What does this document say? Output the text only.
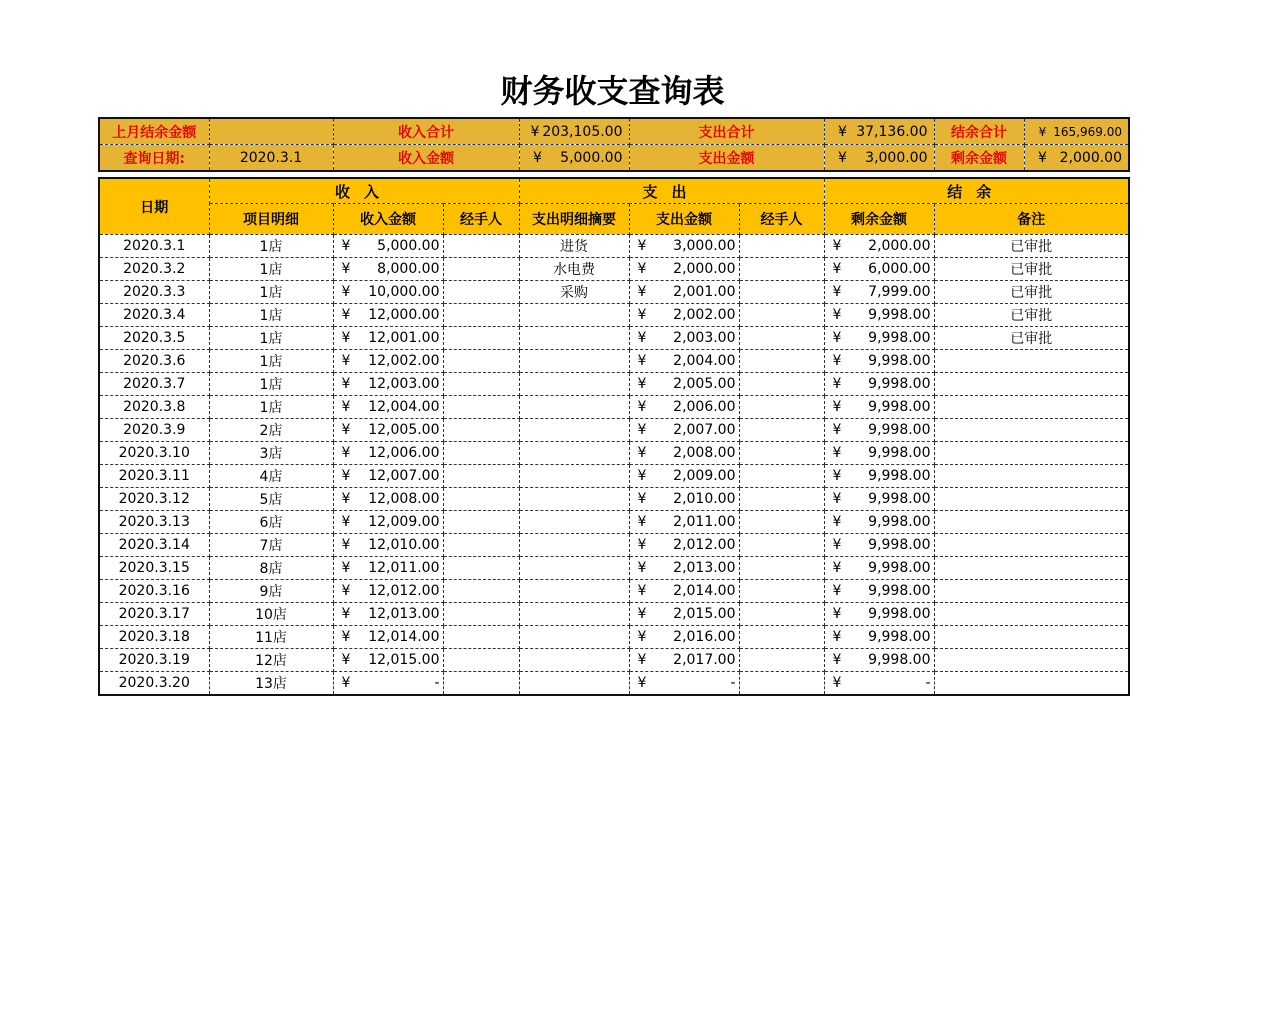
财务收支查询表
上月结余金额		收入合计	¥ 203,105.00	支出合计	¥ 37,136.00	结余合计	¥ 165,969.00

查询日期:	2020.3.1	收入金额	¥ 5,000.00	支出金额	¥ 3,000.00	剩余金额	¥ 2,000.00
日期	收入			支出			结余	
	项目明细	收入金额	经手人	支出明细摘要	支出金额	经手人	剩余金额	备注
2020.3.1	1店	¥ 5,000.00		进货	¥ 3,000.00		¥ 2,000.00	已审批
2020.3.2	1店	¥ 8,000.00		水电费	¥ 2,000.00		¥ 6,000.00	已审批
2020.3.3	1店	¥ 10,000.00		采购	¥ 2,001.00		¥ 7,999.00	已审批
2020.3.4	1店	¥ 12,000.00			¥ 2,002.00		¥ 9,998.00	已审批
2020.3.5	1店	¥ 12,001.00			¥ 2,003.00		¥ 9,998.00	已审批
2020.3.6	1店	¥ 12,002.00			¥ 2,004.00		¥ 9,998.00	
2020.3.7	1店	¥ 12,003.00			¥ 2,005.00		¥ 9,998.00	
2020.3.8	1店	¥ 12,004.00			¥ 2,006.00		¥ 9,998.00	
2020.3.9	2店	¥ 12,005.00			¥ 2,007.00		¥ 9,998.00	
2020.3.10	3店	¥ 12,006.00			¥ 2,008.00		¥ 9,998.00	
2020.3.11	4店	¥ 12,007.00			¥ 2,009.00		¥ 9,998.00	
2020.3.12	5店	¥ 12,008.00			¥ 2,010.00		¥ 9,998.00	
2020.3.13	6店	¥ 12,009.00			¥ 2,011.00		¥ 9,998.00	
2020.3.14	7店	¥ 12,010.00			¥ 2,012.00		¥ 9,998.00	
2020.3.15	8店	¥ 12,011.00			¥ 2,013.00		¥ 9,998.00	
2020.3.16	9店	¥ 12,012.00			¥ 2,014.00		¥ 9,998.00	
2020.3.17	10店	¥ 12,013.00			¥ 2,015.00		¥ 9,998.00	
2020.3.18	11店	¥ 12,014.00			¥ 2,016.00		¥ 9,998.00	
2020.3.19	12店	¥ 12,015.00			¥ 2,017.00		¥ 9,998.00	
2020.3.20	13店	¥ -			¥ -		¥ -	
